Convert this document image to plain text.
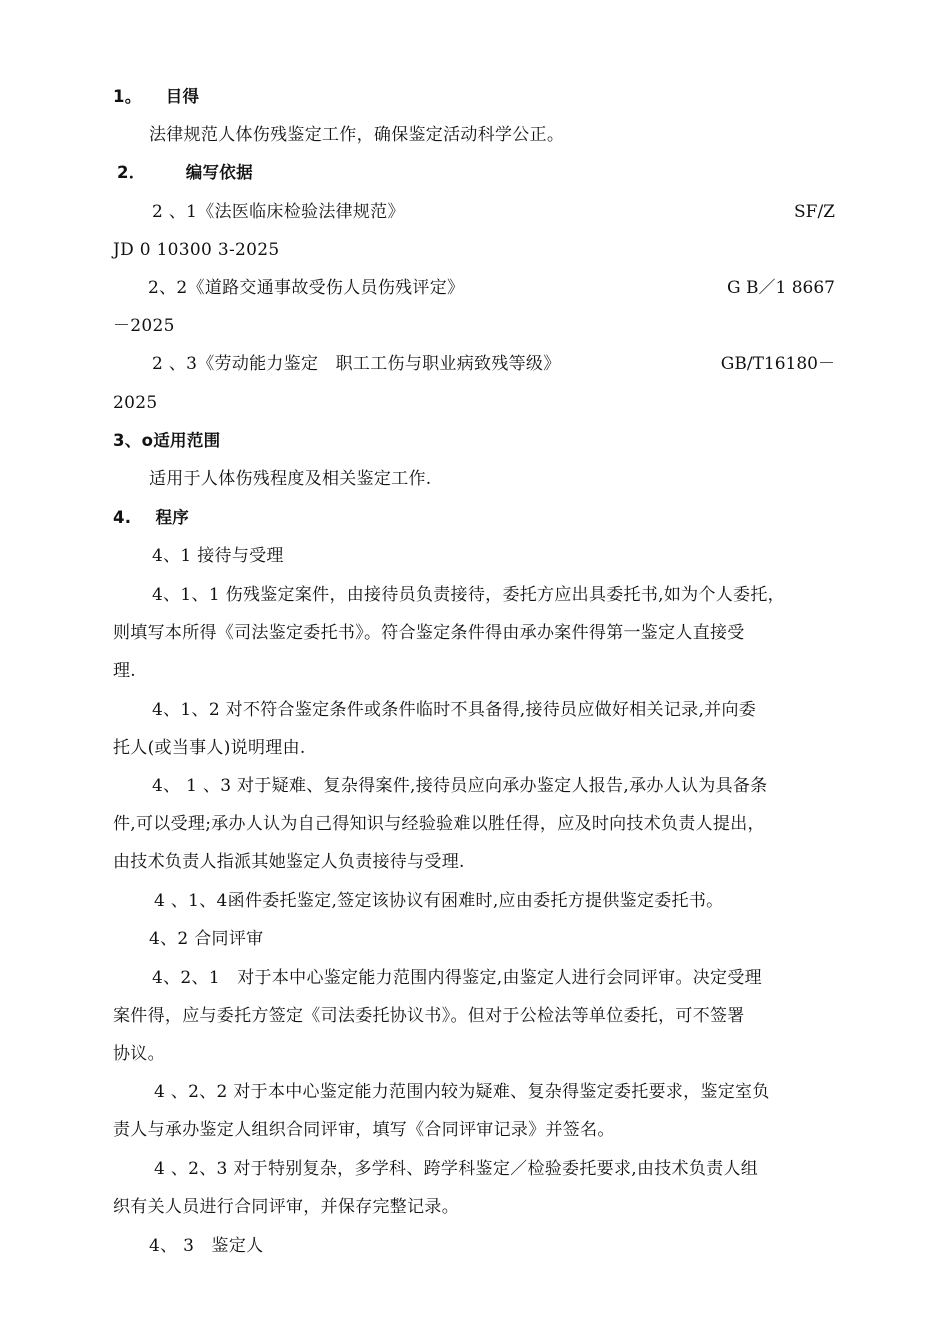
1。 目得
法律规范人体伤残鉴定工作，确保鉴定活动科学公正。
2． 编写依据
2 、1《法医临床检验法律规范》	SF/Z
JD 0 10300 3-2025
2、2《道路交通事故受伤人员伤残评定》	G B／1 8667
－2025
2 、3《劳动能力鉴定　职工工伤与职业病致残等级》	GB/T16180－
2025
3、o适用范围
适用于人体伤残程度及相关鉴定工作.
4. 程序
4、1 接待与受理
4、1、1 伤残鉴定案件，由接待员负责接待，委托方应出具委托书,如为个人委托，
则填写本所得《司法鉴定委托书》。符合鉴定条件得由承办案件得第一鉴定人直接受
理.
4、1、2 对不符合鉴定条件或条件临时不具备得,接待员应做好相关记录,并向委
托人(或当事人)说明理由.
4、 1 、3 对于疑难、复杂得案件,接待员应向承办鉴定人报告,承办人认为具备条
件,可以受理;承办人认为自己得知识与经验验难以胜任得，应及时向技术负责人提出，
由技术负责人指派其她鉴定人负责接待与受理.
4 、1、4函件委托鉴定,签定该协议有困难时,应由委托方提供鉴定委托书。
4、2 合同评审
4、2、1　对于本中心鉴定能力范围内得鉴定,由鉴定人进行会同评审。决定受理
案件得，应与委托方签定《司法委托协议书》。但对于公检法等单位委托，可不签署
协议。
4 、2、2 对于本中心鉴定能力范围内较为疑难、复杂得鉴定委托要求，鉴定室负
责人与承办鉴定人组织合同评审，填写《合同评审记录》并签名。
4 、2、3 对于特别复杂，多学科、跨学科鉴定／检验委托要求,由技术负责人组
织有关人员进行合同评审，并保存完整记录。
4、 3　鉴定人
